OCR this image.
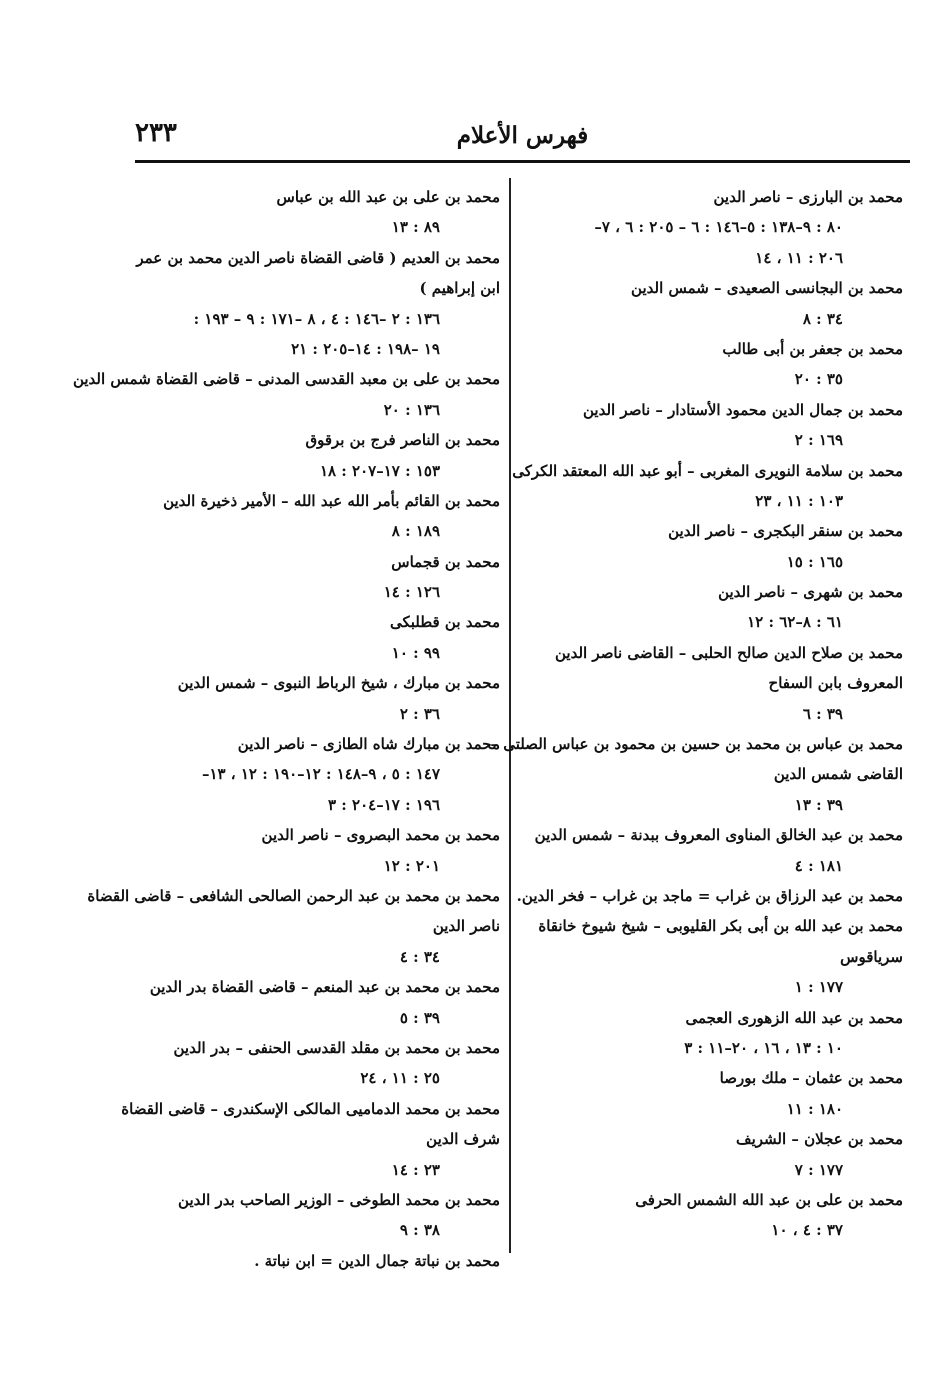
٢٣٣	فهرس الأعلام
محمد بن البارزى – ناصر الدين
٨٠ : ٩–١٣٨ : ٥–١٤٦ : ٦ – ٢٠٥ : ٦ ، ٧–
٢٠٦ : ١١ ، ١٤
محمد بن البجانسى الصعيدى – شمس الدين
٣٤ : ٨
محمد بن جعفر بن أبى طالب
٣٥ : ٢٠
محمد بن جمال الدين محمود الأستادار – ناصر الدين
١٦٩ : ٢
محمد بن سلامة النويرى المغربى – أبو عبد الله المعتقد الكركى
١٠٣ : ١١ ، ٢٣
محمد بن سنقر البكجرى – ناصر الدين
١٦٥ : ١٥
محمد بن شهرى – ناصر الدين
٦١ : ٨–٦٢ : ١٢
محمد بن صلاح الدين صالح الحلبى – القاضى ناصر الدين
المعروف بابن السفاح
٣٩ : ٦
محمد بن عباس بن محمد بن حسين بن محمود بن عباس الصلتى –
القاضى شمس الدين
٣٩ : ١٣
محمد بن عبد الخالق المناوى المعروف ببدنة – شمس الدين
١٨١ : ٤
محمد بن عبد الرزاق بن غراب = ماجد بن غراب – فخر الدين.
محمد بن عبد الله بن أبى بكر القليوبى – شيخ شيوخ خانقاة
سرياقوس
١٧٧ : ١
محمد بن عبد الله الزهورى العجمى
١٠ : ١٣ ، ١٦ ، ٢٠–١١ : ٣
محمد بن عثمان – ملك بورصا
١٨٠ : ١١
محمد بن عجلان – الشريف
١٧٧ : ٧
محمد بن على بن عبد الله الشمس الحرفى
٣٧ : ٤ ، ١٠
محمد بن على بن عبد الله بن عباس
٨٩ : ١٣
محمد بن العديم ( قاضى القضاة ناصر الدين محمد بن عمر
ابن إبراهيم )
١٣٦ : ٢ –١٤٦ : ٤ ، ٨ –١٧١ : ٩ – ١٩٣ :
١٩ –١٩٨ : ١٤–٢٠٥ : ٢١
محمد بن على بن معبد القدسى المدنى – قاضى القضاة شمس الدين
١٣٦ : ٢٠
محمد بن الناصر فرج بن برقوق
١٥٣ : ١٧–٢٠٧ : ١٨
محمد بن القائم بأمر الله عبد الله – الأمير ذخيرة الدين
١٨٩ : ٨
محمد بن قجماس
١٢٦ : ١٤
محمد بن قطلبكى
٩٩ : ١٠
محمد بن مبارك ، شيخ الرباط النبوى – شمس الدين
٣٦ : ٢
محمد بن مبارك شاه الطازى – ناصر الدين
١٤٧ : ٥ ، ٩–١٤٨ : ١٢–١٩٠ : ١٢ ، ١٣–
١٩٦ : ١٧–٢٠٤ : ٣
محمد بن محمد البصروى – ناصر الدين
٢٠١ : ١٢
محمد بن محمد بن عبد الرحمن الصالحى الشافعى – قاضى القضاة
ناصر الدين
٣٤ : ٤
محمد بن محمد بن عبد المنعم – قاضى القضاة بدر الدين
٣٩ : ٥
محمد بن محمد بن مقلد القدسى الحنفى – بدر الدين
٢٥ : ١١ ، ٢٤
محمد بن محمد الدماميى المالكى الإسكندرى – قاضى القضاة
شرف الدين
٢٣ : ١٤
محمد بن محمد الطوخى – الوزير الصاحب بدر الدين
٣٨ : ٩
محمد بن نباتة جمال الدين = ابن نباتة .
